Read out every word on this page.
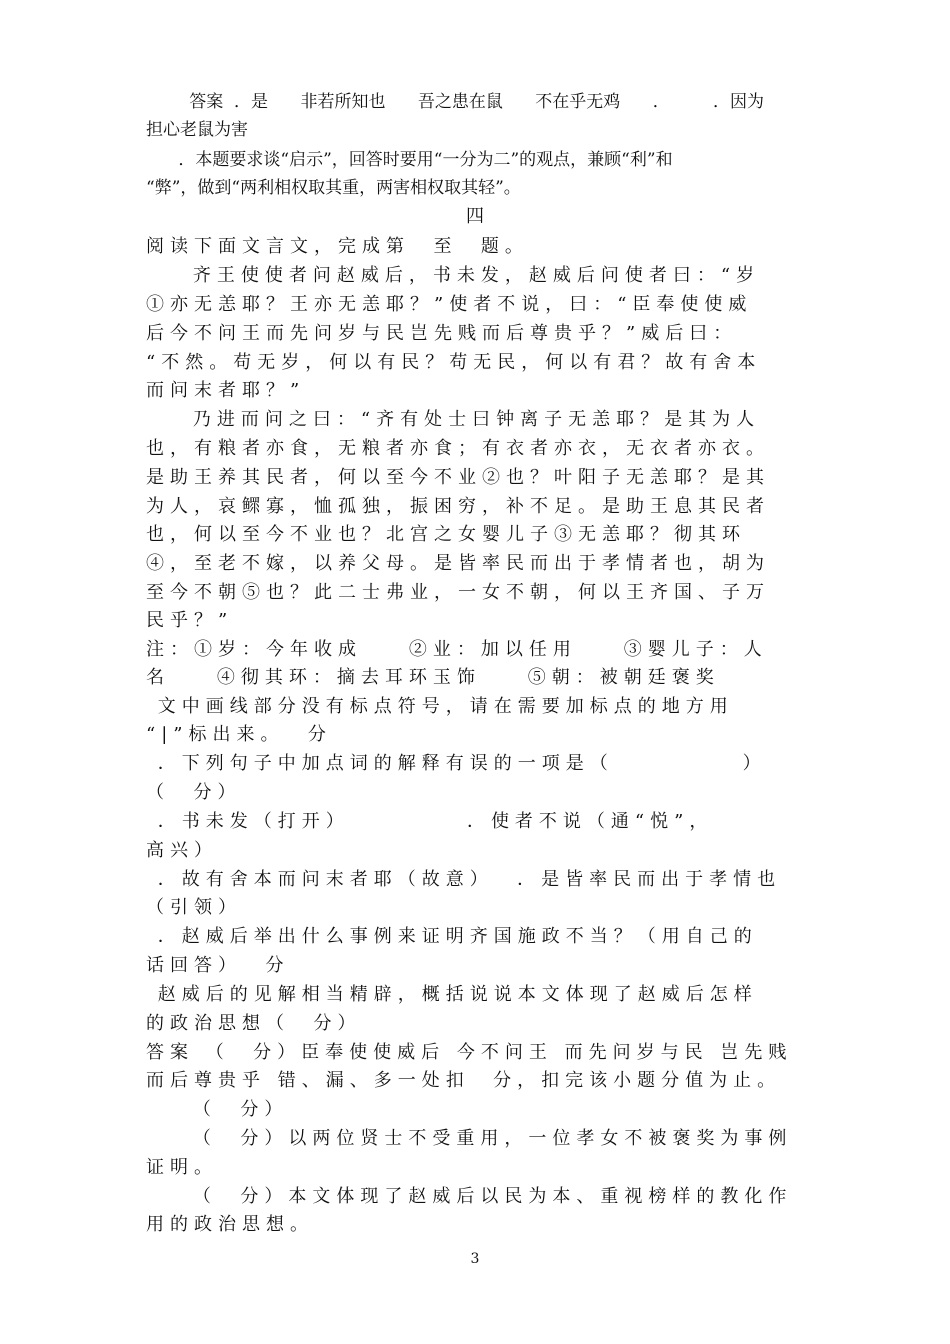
答案  ．是      非若所知也      吾之患在鼠      不在乎无鸡      ．        ．因为

担心老鼠为害

．本题要求谈“启示”，回答时要用“一分为二”的观点，兼顾“利”和

“弊”，做到“两利相权取其重，两害相权取其轻”。

四

阅读下面文言文，完成第  至  题。

齐王使使者问赵威后，书未发，赵威后问使者曰：“岁

①亦无恙耶？王亦无恙耶？”使者不说，曰：“臣奉使使威

后今不问王而先问岁与民岂先贱而后尊贵乎？”威后曰：

“不然。苟无岁，何以有民？苟无民，何以有君？故有舍本

而问末者耶？”

乃进而问之曰：“齐有处士曰钟离子无恙耶？是其为人

也，有粮者亦食，无粮者亦食；有衣者亦衣，无衣者亦衣。

是助王养其民者，何以至今不业②也？叶阳子无恙耶？是其

为人，哀鳏寡，恤孤独，振困穷，补不足。是助王息其民者

也，何以至今不业也？北宫之女婴儿子③无恙耶？彻其环

④，至老不嫁，以养父母。是皆率民而出于孝情者也，胡为

至今不朝⑤也？此二士弗业，一女不朝，何以王齐国、子万

民乎？”

注：①岁：今年收成    ②业：加以任用    ③婴儿子：人

名    ④彻其环：摘去耳环玉饰    ⑤朝：被朝廷褒奖

文中画线部分没有标点符号，请在需要加标点的地方用

“|”标出来。  分

．下列句子中加点词的解释有误的一项是（           ）

（  分）

．书未发（打开）          ．使者不说（通“悦”，

高兴）

．故有舍本而问末者耶（故意）  ．是皆率民而出于孝情也

（引领）

．赵威后举出什么事例来证明齐国施政不当？（用自己的

话回答）  分

赵威后的见解相当精辟，概括说说本文体现了赵威后怎样

的政治思想（  分）

答案 （  分）臣奉使使威后 今不问王 而先问岁与民 岂先贱

而后尊贵乎 错、漏、多一处扣  分，扣完该小题分值为止。

（  分）

（  分）以两位贤士不受重用，一位孝女不被褒奖为事例

证明。

（  分）本文体现了赵威后以民为本、重视榜样的教化作

用的政治思想。

3
